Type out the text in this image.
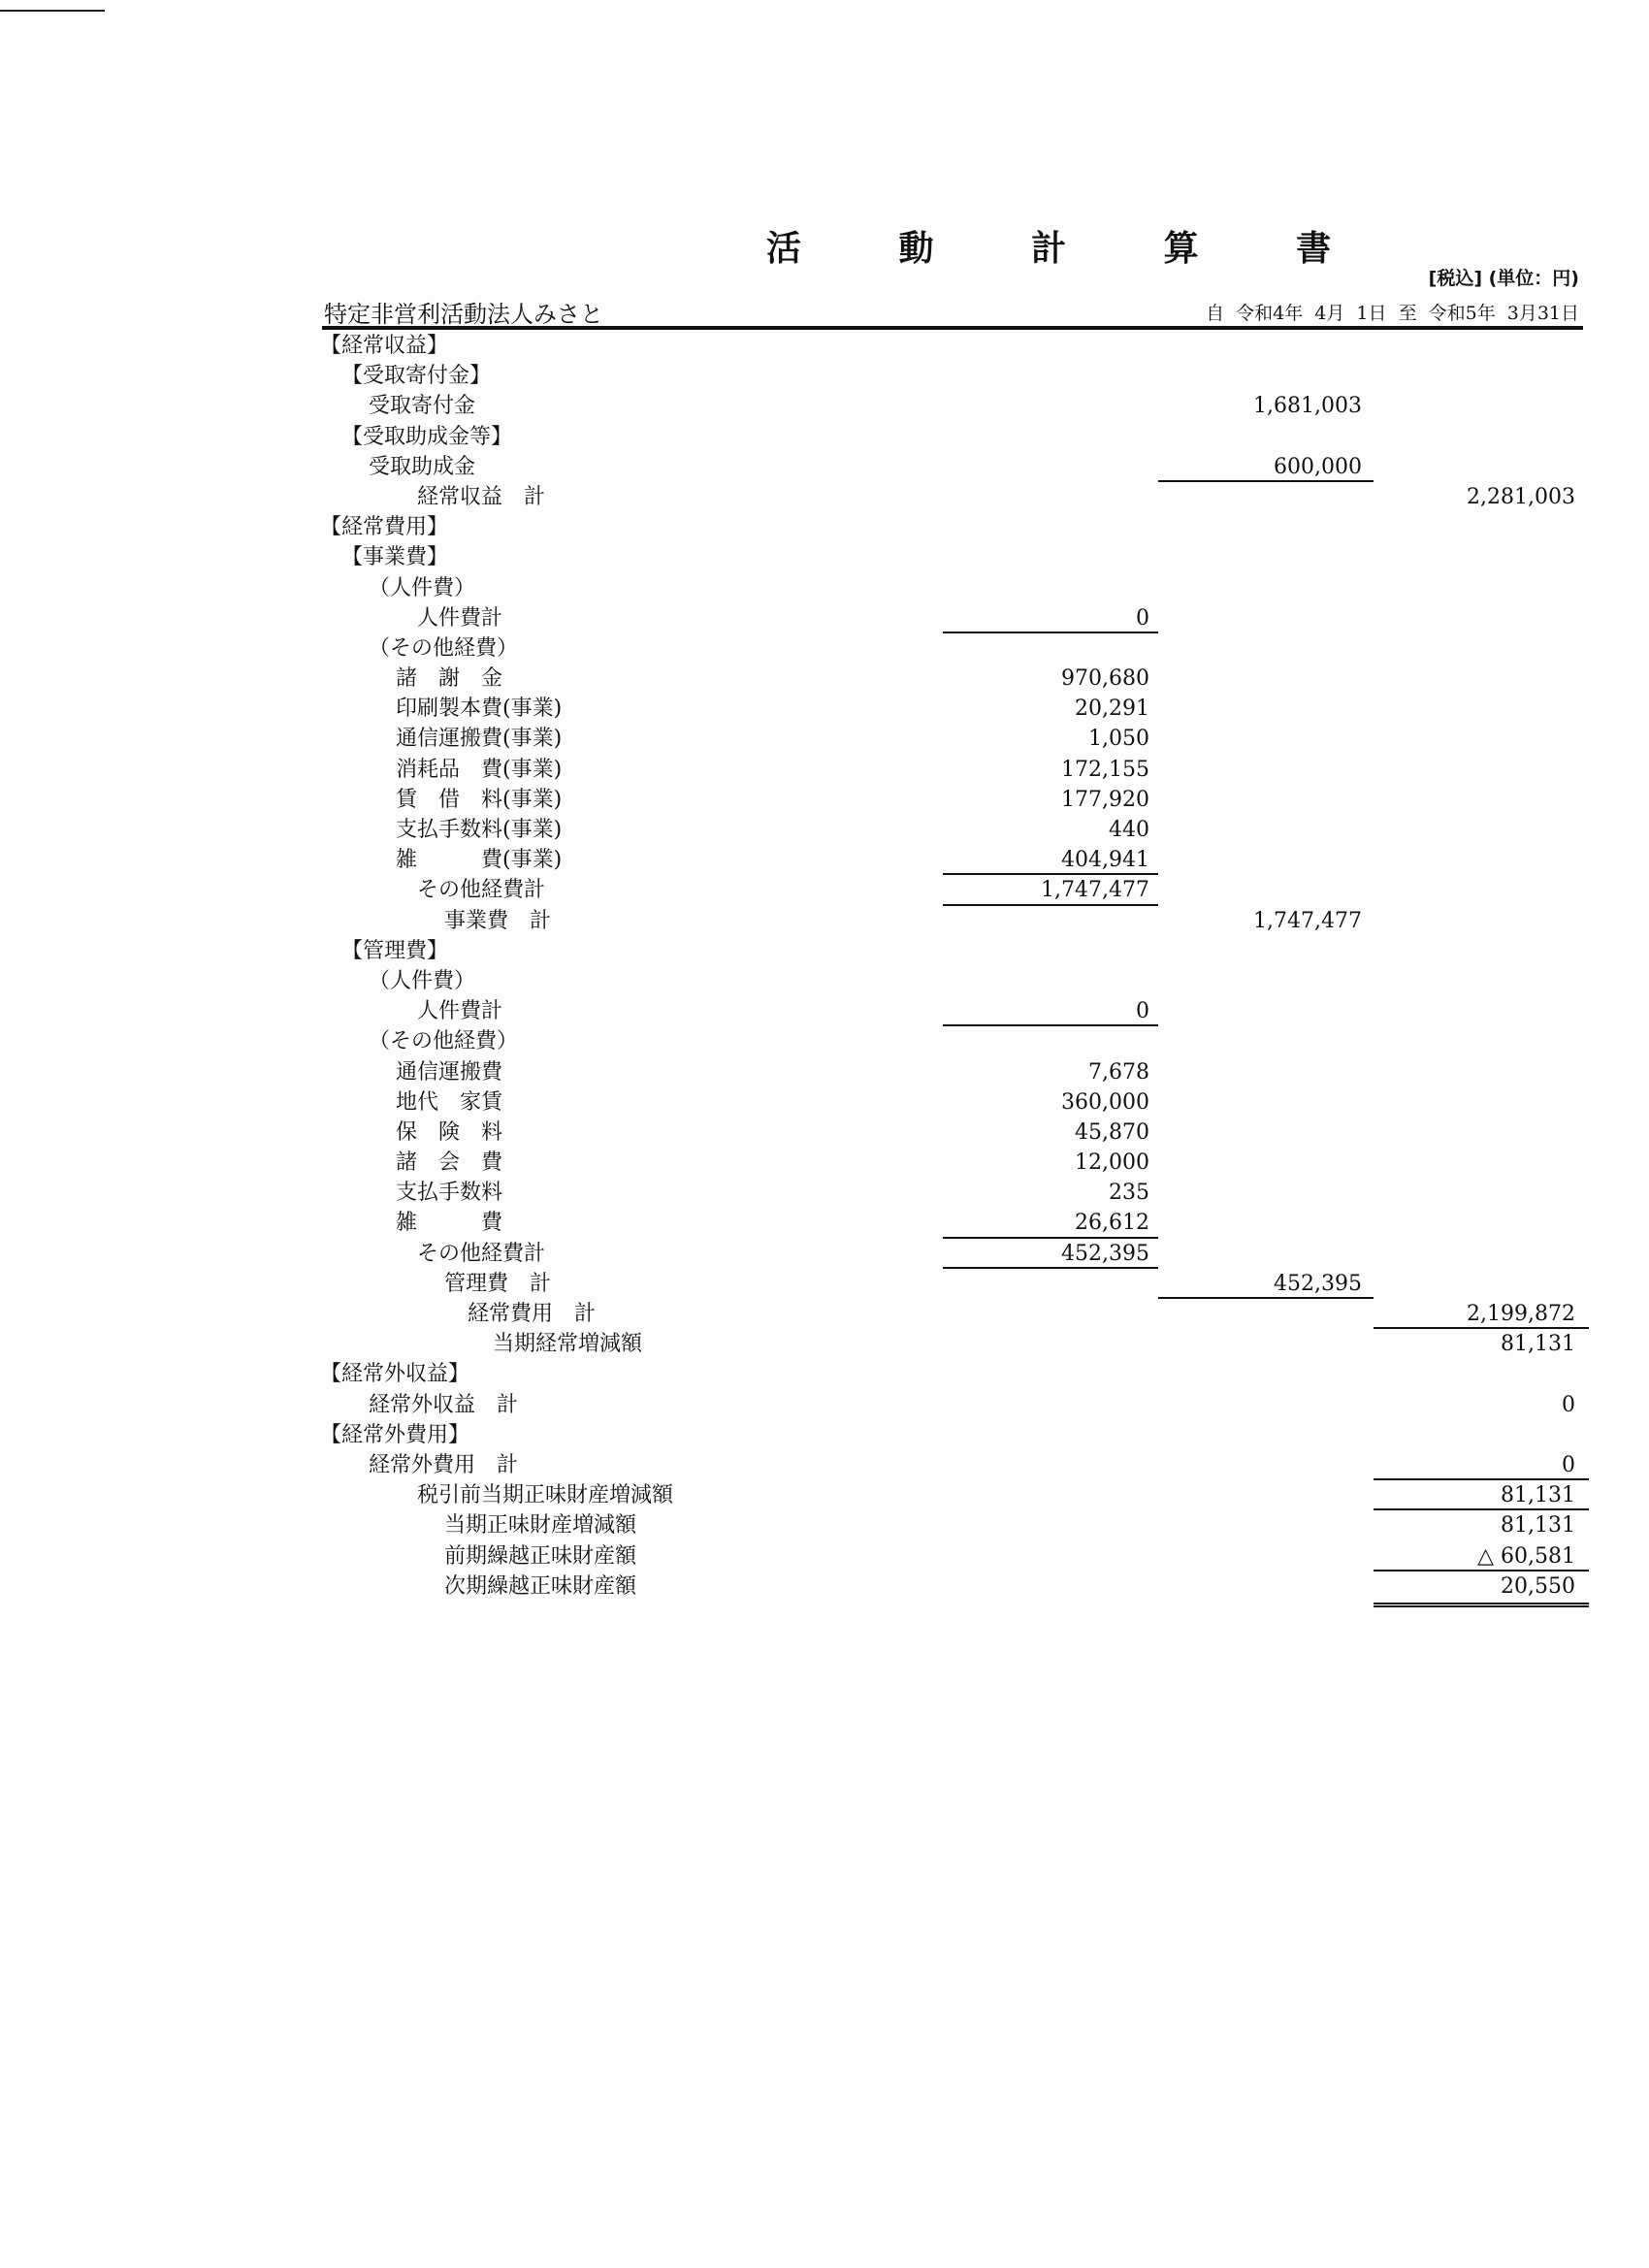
活 動 計 算 書
[税込] (単位：円)
特定非営利活動法人みさと	自 令和4年 4月 1日 至 令和5年 3月31日
【経常収益】
【受取寄付金】
受取寄付金	1,681,003
【受取助成金等】
受取助成金	600,000
経常収益　計	2,281,003
【経常費用】
【事業費】
（人件費）
人件費計	0
（その他経費）
諸　謝　金	970,680
印刷製本費(事業)	20,291
通信運搬費(事業)	1,050
消耗品　費(事業)	172,155
賃　借　料(事業)	177,920
支払手数料(事業)	440
雑　　　費(事業)	404,941
その他経費計	1,747,477
事業費　計	1,747,477
【管理費】
（人件費）
人件費計	0
（その他経費）
通信運搬費	7,678
地代　家賃	360,000
保　険　料	45,870
諸　会　費	12,000
支払手数料	235
雑　　　費	26,612
その他経費計	452,395
管理費　計	452,395
経常費用　計	2,199,872
当期経常増減額	81,131
【経常外収益】
経常外収益　計	0
【経常外費用】
経常外費用　計	0
税引前当期正味財産増減額	81,131
当期正味財産増減額	81,131
前期繰越正味財産額	△ 60,581
次期繰越正味財産額	20,550
